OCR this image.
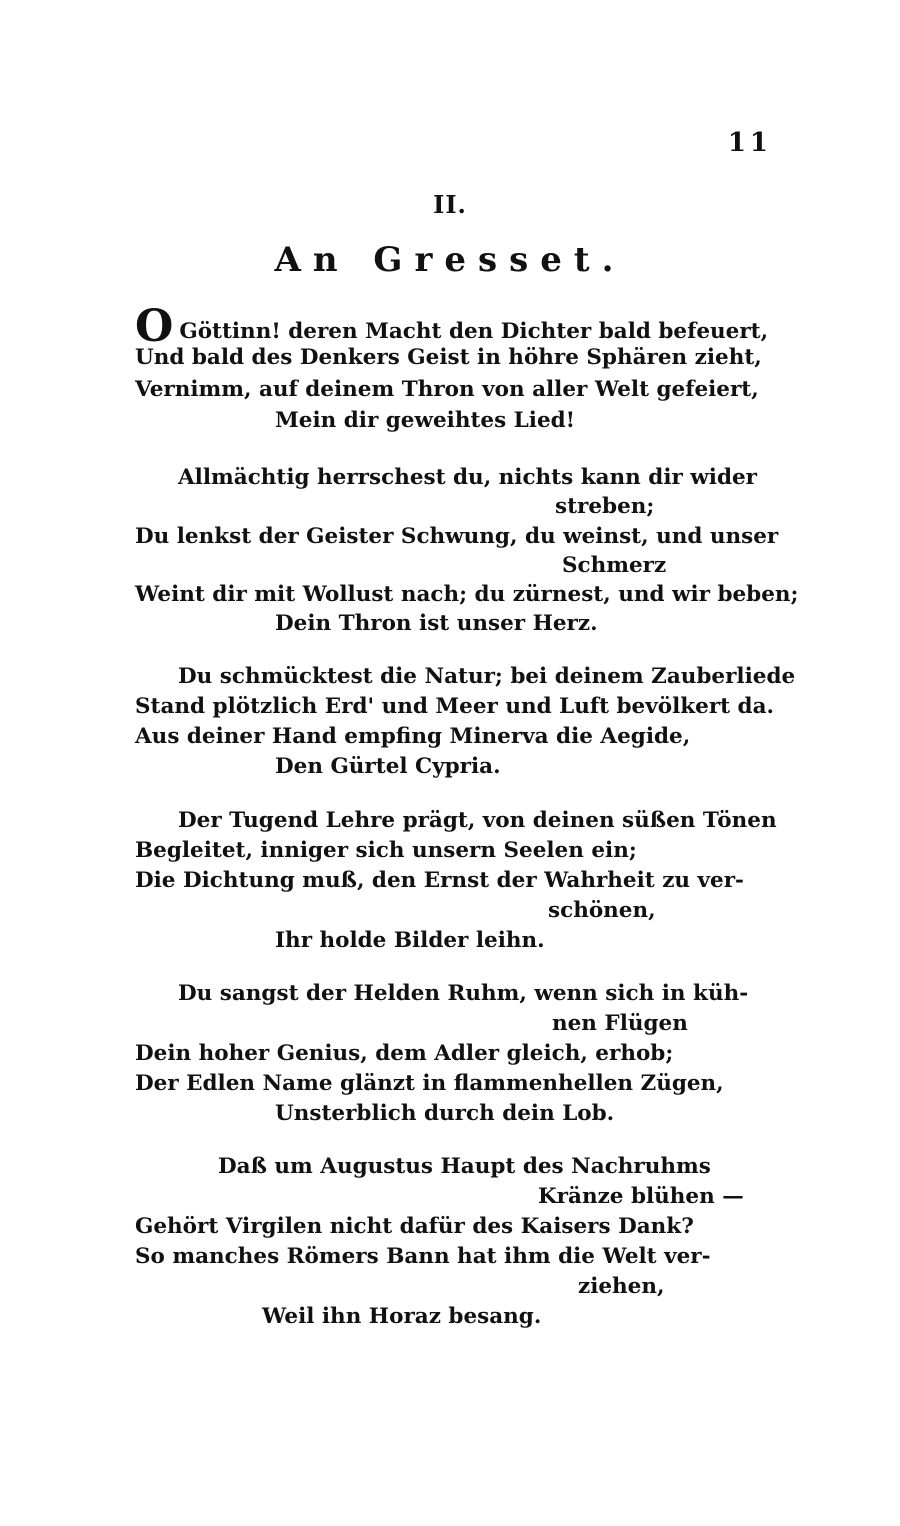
11
II.
An Gresset.
O Göttinn! deren Macht den Dichter bald befeuert,
Und bald des Denkers Geist in höhre Sphären zieht,
Vernimm, auf deinem Thron von aller Welt gefeiert,
Mein dir geweihtes Lied!
Allmächtig herrschest du, nichts kann dir wider
streben;
Du lenkst der Geister Schwung, du weinst, und unser
Schmerz
Weint dir mit Wollust nach; du zürnest, und wir beben;
Dein Thron ist unser Herz.
Du schmücktest die Natur; bei deinem Zauberliede
Stand plötzlich Erd' und Meer und Luft bevölkert da.
Aus deiner Hand empfing Minerva die Aegide,
Den Gürtel Cypria.
Der Tugend Lehre prägt, von deinen süßen Tönen
Begleitet, inniger sich unsern Seelen ein;
Die Dichtung muß, den Ernst der Wahrheit zu ver-
schönen,
Ihr holde Bilder leihn.
Du sangst der Helden Ruhm, wenn sich in küh-
nen Flügen
Dein hoher Genius, dem Adler gleich, erhob;
Der Edlen Name glänzt in flammenhellen Zügen,
Unsterblich durch dein Lob.
Daß um Augustus Haupt des Nachruhms
Kränze blühen —
Gehört Virgilen nicht dafür des Kaisers Dank?
So manches Römers Bann hat ihm die Welt ver-
ziehen,
Weil ihn Horaz besang.
